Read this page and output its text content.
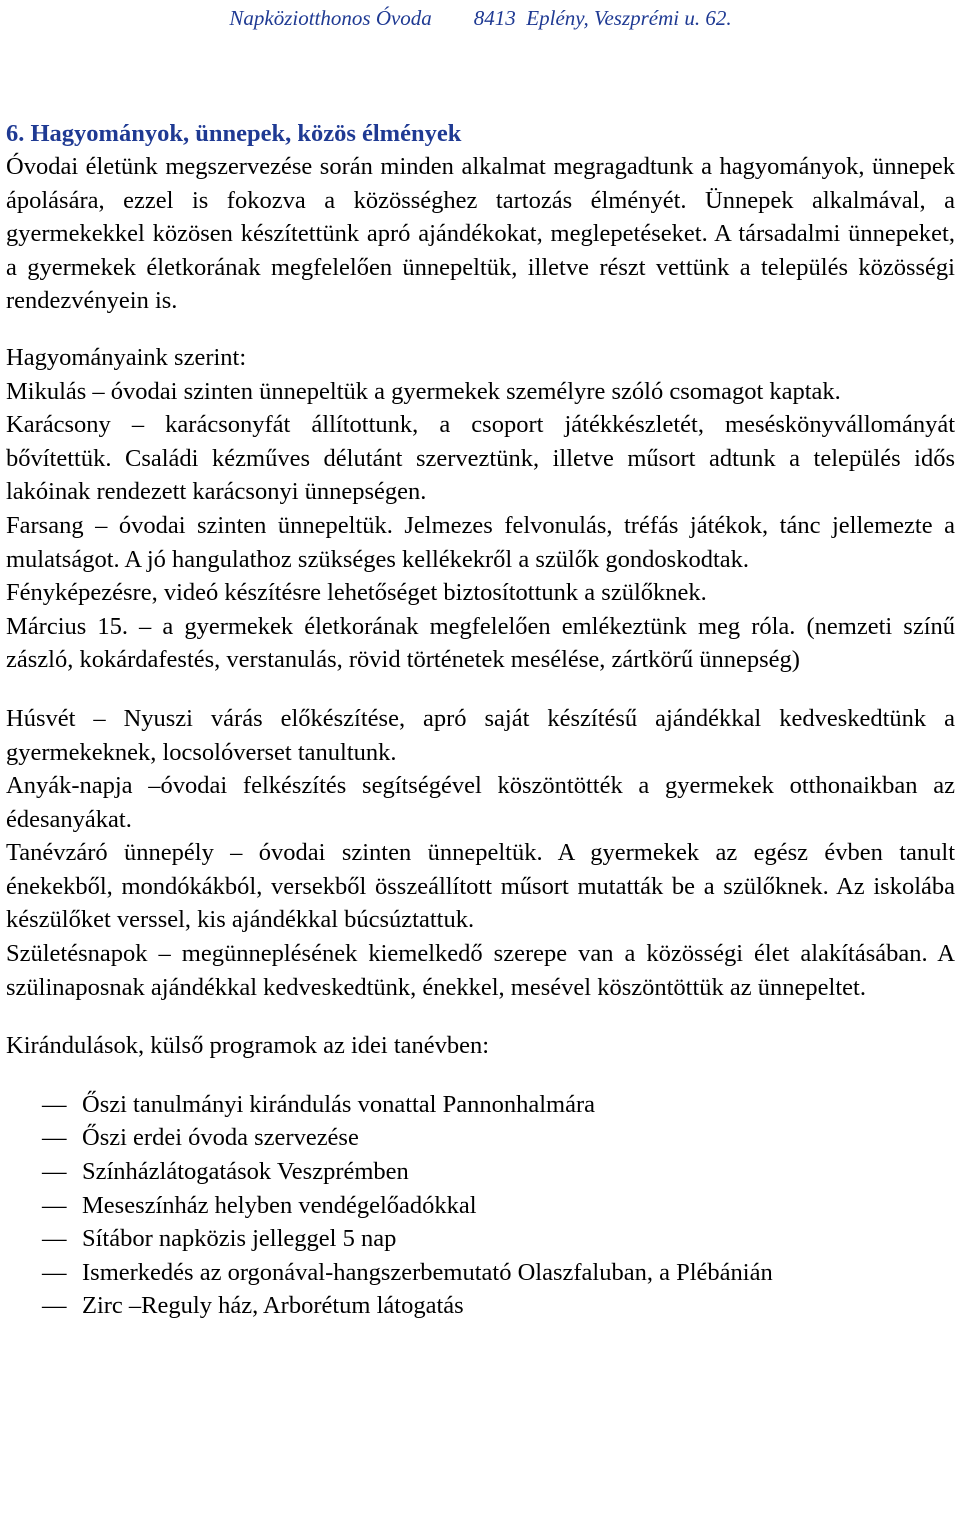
Napköziotthonos Óvoda        8413  Eplény, Veszprémi u. 62.
6. Hagyományok, ünnepek, közös élmények

Óvodai életünk megszervezése során minden alkalmat megragadtunk a hagyományok, ünnepek ápolására, ezzel is fokozva a közösséghez tartozás élményét. Ünnepek alkalmával, a gyermekekkel közösen készítettünk apró ajándékokat, meglepetéseket. A társadalmi ünnepeket, a gyermekek életkorának megfelelően ünnepeltük, illetve részt vettünk a település közösségi rendezvényein is.

Hagyományaink szerint:

Mikulás – óvodai szinten ünnepeltük a gyermekek személyre szóló csomagot kaptak.

Karácsony – karácsonyfát állítottunk, a csoport játékkészletét, meséskönyvállományát bővítettük. Családi kézműves délutánt szerveztünk, illetve műsort adtunk a település idős lakóinak rendezett karácsonyi ünnepségen.

Farsang – óvodai szinten ünnepeltük. Jelmezes felvonulás, tréfás játékok, tánc jellemezte a mulatságot. A jó hangulathoz szükséges kellékekről a szülők gondoskodtak.

Fényképezésre, videó készítésre lehetőséget biztosítottunk a szülőknek.

Március 15. – a gyermekek életkorának megfelelően emlékeztünk meg róla. (nemzeti színű zászló, kokárdafestés, verstanulás, rövid történetek mesélése, zártkörű ünnepség)

Húsvét – Nyuszi várás előkészítése, apró saját készítésű ajándékkal kedveskedtünk a gyermekeknek, locsolóverset tanultunk.

Anyák-napja –óvodai felkészítés segítségével köszöntötték a gyermekek otthonaikban az édesanyákat.

Tanévzáró ünnepély – óvodai szinten ünnepeltük. A gyermekek az egész évben tanult énekekből, mondókákból, versekből összeállított műsort mutatták be a szülőknek. Az iskolába készülőket verssel, kis ajándékkal búcsúztattuk.

Születésnapok – megünneplésének kiemelkedő szerepe van a közösségi élet alakításában. A szülinaposnak ajándékkal kedveskedtünk, énekkel, mesével köszöntöttük az ünnepeltet.

Kirándulások, külső programok az idei tanévben:

— Őszi tanulmányi kirándulás vonattal Pannonhalmára
— Őszi erdei óvoda szervezése
— Színházlátogatások Veszprémben
— Meseszínház helyben vendégelőadókkal
— Sítábor napközis jelleggel 5 nap
— Ismerkedés az orgonával-hangszerbemutató Olaszfaluban, a Plébánián
— Zirc –Reguly ház, Arborétum látogatás
